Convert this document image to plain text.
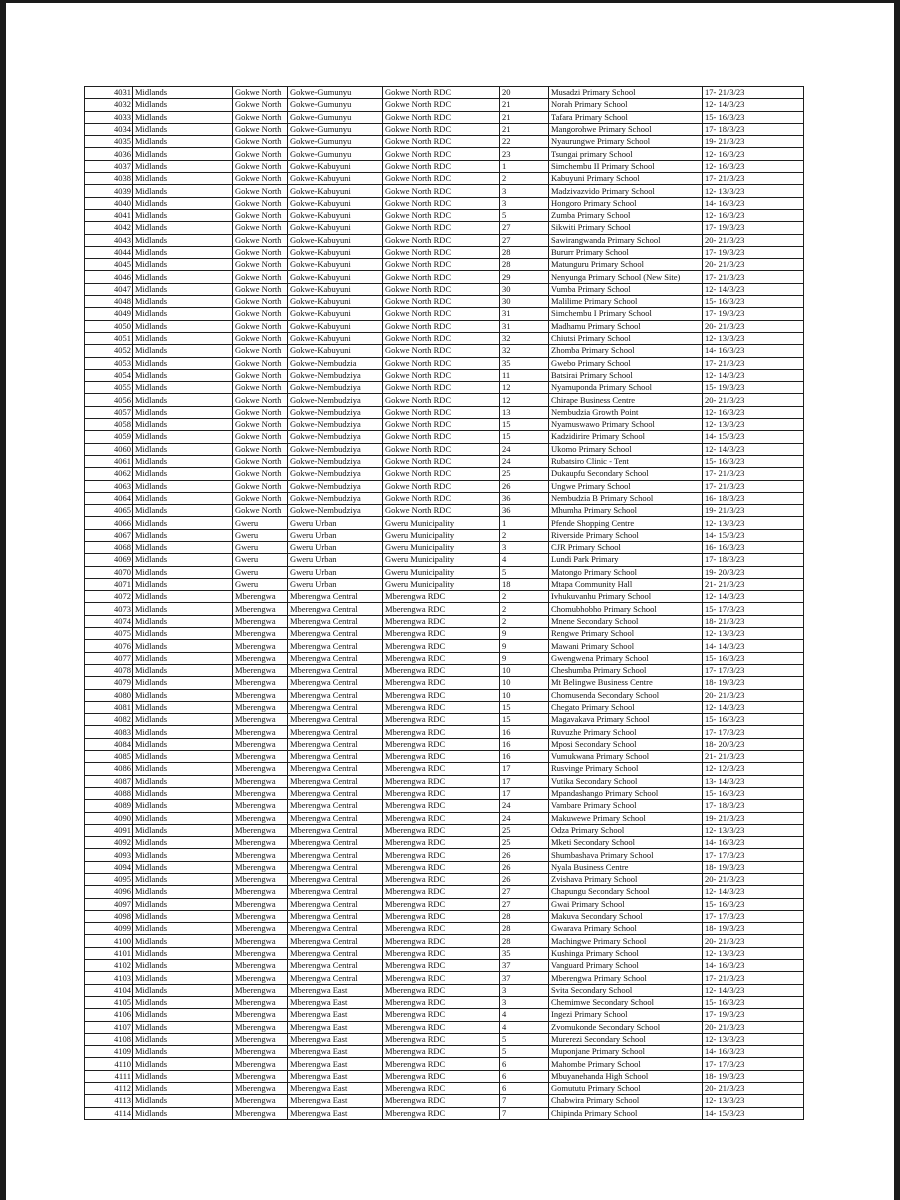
4031	Midlands	Gokwe North	Gokwe-Gumunyu	Gokwe North RDC	20	Musadzi Primary School	17- 21/3/23
4032	Midlands	Gokwe North	Gokwe-Gumunyu	Gokwe North RDC	21	Norah Primary School	12- 14/3/23
4033	Midlands	Gokwe North	Gokwe-Gumunyu	Gokwe North RDC	21	Tafara Primary School	15- 16/3/23
4034	Midlands	Gokwe North	Gokwe-Gumunyu	Gokwe North RDC	21	Mangorohwe Primary School	17- 18/3/23
4035	Midlands	Gokwe North	Gokwe-Gumunyu	Gokwe North RDC	22	Nyaurungwe Primary School	19- 21/3/23
4036	Midlands	Gokwe North	Gokwe-Gumunyu	Gokwe North RDC	23	Tsungai primary School	12- 16/3/23
4037	Midlands	Gokwe North	Gokwe-Kabuyuni	Gokwe North RDC	1	Simchembu II Primary School	12- 16/3/23
4038	Midlands	Gokwe North	Gokwe-Kabuyuni	Gokwe North RDC	2	Kabuyuni Primary School	17- 21/3/23
4039	Midlands	Gokwe North	Gokwe-Kabuyuni	Gokwe North RDC	3	Madzivazvido Primary School	12- 13/3/23
4040	Midlands	Gokwe North	Gokwe-Kabuyuni	Gokwe North RDC	3	Hongoro Primary School	14- 16/3/23
4041	Midlands	Gokwe North	Gokwe-Kabuyuni	Gokwe North RDC	5	Zumba Primary School	12- 16/3/23
4042	Midlands	Gokwe North	Gokwe-Kabuyuni	Gokwe North RDC	27	Sikwiti Primary School	17- 19/3/23
4043	Midlands	Gokwe North	Gokwe-Kabuyuni	Gokwe North RDC	27	Sawirangwanda Primary School	20- 21/3/23
4044	Midlands	Gokwe North	Gokwe-Kabuyuni	Gokwe North RDC	28	Bururr Primary School	17- 19/3/23
4045	Midlands	Gokwe North	Gokwe-Kabuyuni	Gokwe North RDC	28	Matunguru Primary School	20- 21/3/23
4046	Midlands	Gokwe North	Gokwe-Kabuyuni	Gokwe North RDC	29	Nenyunga Primary School (New Site)	17- 21/3/23
4047	Midlands	Gokwe North	Gokwe-Kabuyuni	Gokwe North RDC	30	Vumba Primary School	12- 14/3/23
4048	Midlands	Gokwe North	Gokwe-Kabuyuni	Gokwe North RDC	30	Malilime Primary School	15- 16/3/23
4049	Midlands	Gokwe North	Gokwe-Kabuyuni	Gokwe North RDC	31	Simchembu I Primary School	17- 19/3/23
4050	Midlands	Gokwe North	Gokwe-Kabuyuni	Gokwe North RDC	31	Madhamu Primary School	20- 21/3/23
4051	Midlands	Gokwe North	Gokwe-Kabuyuni	Gokwe North RDC	32	Chiutsi Primary School	12- 13/3/23
4052	Midlands	Gokwe North	Gokwe-Kabuyuni	Gokwe North RDC	32	Zhomba Primary School	14- 16/3/23
4053	Midlands	Gokwe North	Gokwe-Nembudzia	Gokwe North RDC	35	Gwebo Primary School	17- 21/3/23
4054	Midlands	Gokwe North	Gokwe-Nembudziya	Gokwe North RDC	11	Batsirai Primary School	12- 14/3/23
4055	Midlands	Gokwe North	Gokwe-Nembudziya	Gokwe North RDC	12	Nyamuponda Primary School	15- 19/3/23
4056	Midlands	Gokwe North	Gokwe-Nembudziya	Gokwe North RDC	12	Chirape Business Centre	20- 21/3/23
4057	Midlands	Gokwe North	Gokwe-Nembudziya	Gokwe North RDC	13	Nembudzia Growth Point	12- 16/3/23
4058	Midlands	Gokwe North	Gokwe-Nembudziya	Gokwe North RDC	15	Nyamuswawo Primary School	12- 13/3/23
4059	Midlands	Gokwe North	Gokwe-Nembudziya	Gokwe North RDC	15	Kadzidirire Primary School	14- 15/3/23
4060	Midlands	Gokwe North	Gokwe-Nembudziya	Gokwe North RDC	24	Ukomo Primary School	12- 14/3/23
4061	Midlands	Gokwe North	Gokwe-Nembudziya	Gokwe North RDC	24	Rubatsiro Clinic - Tent	15- 16/3/23
4062	Midlands	Gokwe North	Gokwe-Nembudziya	Gokwe North RDC	25	Dukaupfu Secondary School	17- 21/3/23
4063	Midlands	Gokwe North	Gokwe-Nembudziya	Gokwe North RDC	26	Ungwe Primary School	17- 21/3/23
4064	Midlands	Gokwe North	Gokwe-Nembudziya	Gokwe North RDC	36	Nembudzia B Primary School	16- 18/3/23
4065	Midlands	Gokwe North	Gokwe-Nembudziya	Gokwe North RDC	36	Mhumha Primary School	19- 21/3/23
4066	Midlands	Gweru	Gweru Urban	Gweru Municipality	1	Pfende Shopping Centre	12- 13/3/23
4067	Midlands	Gweru	Gweru Urban	Gweru Municipality	2	Riverside Primary School	14- 15/3/23
4068	Midlands	Gweru	Gweru Urban	Gweru Municipality	3	CJR Primary School	16- 16/3/23
4069	Midlands	Gweru	Gweru Urban	Gweru Municipality	4	Lundi Park Primary	17- 18/3/23
4070	Midlands	Gweru	Gweru Urban	Gweru Municipality	5	Matongo Primary School	19- 20/3/23
4071	Midlands	Gweru	Gweru Urban	Gweru Municipality	18	Mtapa Community Hall	21- 21/3/23
4072	Midlands	Mberengwa	Mberengwa Central	Mberengwa RDC	2	Ivhukuvanhu Primary School	12- 14/3/23
4073	Midlands	Mberengwa	Mberengwa Central	Mberengwa RDC	2	Chomubhobho Primary School	15- 17/3/23
4074	Midlands	Mberengwa	Mberengwa Central	Mberengwa RDC	2	Mnene Secondary School	18- 21/3/23
4075	Midlands	Mberengwa	Mberengwa Central	Mberengwa RDC	9	Rengwe Primary School	12- 13/3/23
4076	Midlands	Mberengwa	Mberengwa Central	Mberengwa RDC	9	Mawani Primary School	14- 14/3/23
4077	Midlands	Mberengwa	Mberengwa Central	Mberengwa RDC	9	Gwengwena Primary School	15- 16/3/23
4078	Midlands	Mberengwa	Mberengwa Central	Mberengwa RDC	10	Cheshumba Primary School	17- 17/3/23
4079	Midlands	Mberengwa	Mberengwa Central	Mberengwa RDC	10	Mt Belingwe Business Centre	18- 19/3/23
4080	Midlands	Mberengwa	Mberengwa Central	Mberengwa RDC	10	Chomusenda Secondary School	20- 21/3/23
4081	Midlands	Mberengwa	Mberengwa Central	Mberengwa RDC	15	Chegato Primary School	12- 14/3/23
4082	Midlands	Mberengwa	Mberengwa Central	Mberengwa RDC	15	Magavakava Primary School	15- 16/3/23
4083	Midlands	Mberengwa	Mberengwa Central	Mberengwa RDC	16	Ruvuzhe Primary School	17- 17/3/23
4084	Midlands	Mberengwa	Mberengwa Central	Mberengwa RDC	16	Mposi Secondary School	18- 20/3/23
4085	Midlands	Mberengwa	Mberengwa Central	Mberengwa RDC	16	Vumukwana Primary School	21- 21/3/23
4086	Midlands	Mberengwa	Mberengwa Central	Mberengwa RDC	17	Rusvinge Primary School	12- 12/3/23
4087	Midlands	Mberengwa	Mberengwa Central	Mberengwa RDC	17	Vutika Secondary School	13- 14/3/23
4088	Midlands	Mberengwa	Mberengwa Central	Mberengwa RDC	17	Mpandashango Primary School	15- 16/3/23
4089	Midlands	Mberengwa	Mberengwa Central	Mberengwa RDC	24	Vambare Primary School	17- 18/3/23
4090	Midlands	Mberengwa	Mberengwa Central	Mberengwa RDC	24	Makuwewe Primary School	19- 21/3/23
4091	Midlands	Mberengwa	Mberengwa Central	Mberengwa RDC	25	Odza Primary School	12- 13/3/23
4092	Midlands	Mberengwa	Mberengwa Central	Mberengwa RDC	25	Mketi Secondary School	14- 16/3/23
4093	Midlands	Mberengwa	Mberengwa Central	Mberengwa RDC	26	Shumbashava Primary School	17- 17/3/23
4094	Midlands	Mberengwa	Mberengwa Central	Mberengwa RDC	26	Nyala Business Centre	18- 19/3/23
4095	Midlands	Mberengwa	Mberengwa Central	Mberengwa RDC	26	Zvishava Primary School	20- 21/3/23
4096	Midlands	Mberengwa	Mberengwa Central	Mberengwa RDC	27	Chapungu Secondary School	12- 14/3/23
4097	Midlands	Mberengwa	Mberengwa Central	Mberengwa RDC	27	Gwai Primary School	15- 16/3/23
4098	Midlands	Mberengwa	Mberengwa Central	Mberengwa RDC	28	Makuva Secondary School	17- 17/3/23
4099	Midlands	Mberengwa	Mberengwa Central	Mberengwa RDC	28	Gwarava Primary School	18- 19/3/23
4100	Midlands	Mberengwa	Mberengwa Central	Mberengwa RDC	28	Machingwe Primary School	20- 21/3/23
4101	Midlands	Mberengwa	Mberengwa Central	Mberengwa RDC	35	Kushinga Primary School	12- 13/3/23
4102	Midlands	Mberengwa	Mberengwa Central	Mberengwa RDC	37	Vanguard Primary School	14- 16/3/23
4103	Midlands	Mberengwa	Mberengwa Central	Mberengwa RDC	37	Mberengwa Primary School	17- 21/3/23
4104	Midlands	Mberengwa	Mberengwa East	Mberengwa RDC	3	Svita Secondary School	12- 14/3/23
4105	Midlands	Mberengwa	Mberengwa East	Mberengwa RDC	3	Chemimwe Secondary School	15- 16/3/23
4106	Midlands	Mberengwa	Mberengwa East	Mberengwa RDC	4	Ingezi Primary School	17- 19/3/23
4107	Midlands	Mberengwa	Mberengwa East	Mberengwa RDC	4	Zvomukonde Secondary School	20- 21/3/23
4108	Midlands	Mberengwa	Mberengwa East	Mberengwa RDC	5	Murerezi Secondary School	12- 13/3/23
4109	Midlands	Mberengwa	Mberengwa East	Mberengwa RDC	5	Muponjane Primary School	14- 16/3/23
4110	Midlands	Mberengwa	Mberengwa East	Mberengwa RDC	6	Mahombe Primary School	17- 17/3/23
4111	Midlands	Mberengwa	Mberengwa East	Mberengwa RDC	6	Mbuyanehanda High School	18- 19/3/23
4112	Midlands	Mberengwa	Mberengwa East	Mberengwa RDC	6	Gomututu Primary School	20- 21/3/23
4113	Midlands	Mberengwa	Mberengwa East	Mberengwa RDC	7	Chabwira Primary School	12- 13/3/23
4114	Midlands	Mberengwa	Mberengwa East	Mberengwa RDC	7	Chipinda Primary School	14- 15/3/23
